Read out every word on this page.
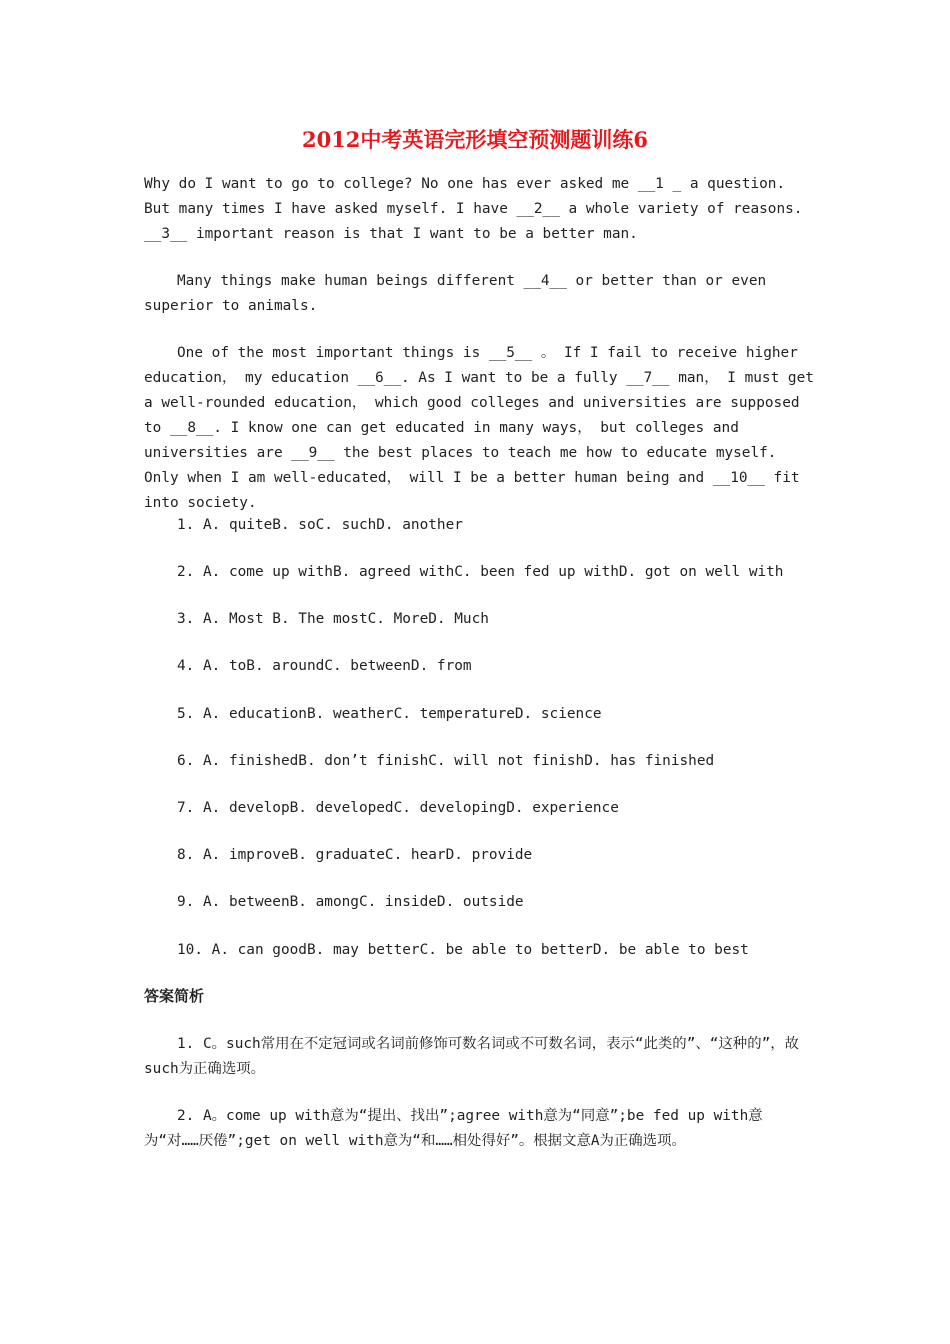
2012中考英语完形填空预测题训练6

Why do I want to go to college? No one has ever asked me __1 _ a question. But many times I have asked myself. I have __2__ a whole variety of reasons. __3__ important reason is that I want to be a better man.

Many things make human beings different __4__ or better than or even superior to animals.

One of the most important things is __5__ 。 If I fail to receive higher education， my education __6__. As I want to be a fully __7__ man， I must get a well-rounded education， which good colleges and universities are supposed to __8__. I know one can get educated in many ways， but colleges and universities are __9__ the best places to teach me how to educate myself. Only when I am well-educated， will I be a better human being and __10__ fit into society.

1. A. quiteB. soC. suchD. another

2. A. come up withB. agreed withC. been fed up withD. got on well with

3. A. Most B. The mostC. MoreD. Much

4. A. toB. aroundC. betweenD. from

5. A. educationB. weatherC. temperatureD. science

6. A. finishedB. don’t finishC. will not finishD. has finished

7. A. developB. developedC. developingD. experience

8. A. improveB. graduateC. hearD. provide

9. A. betweenB. amongC. insideD. outside

10. A. can goodB. may betterC. be able to betterD. be able to best

答案简析

1. C。such常用在不定冠词或名词前修饰可数名词或不可数名词，表示“此类的”、“这种的”，故such为正确选项。

2. A。come up with意为“提出、找出”;agree with意为“同意”;be fed up with意为“对……厌倦”;get on well with意为“和……相处得好”。根据文意A为正确选项。
